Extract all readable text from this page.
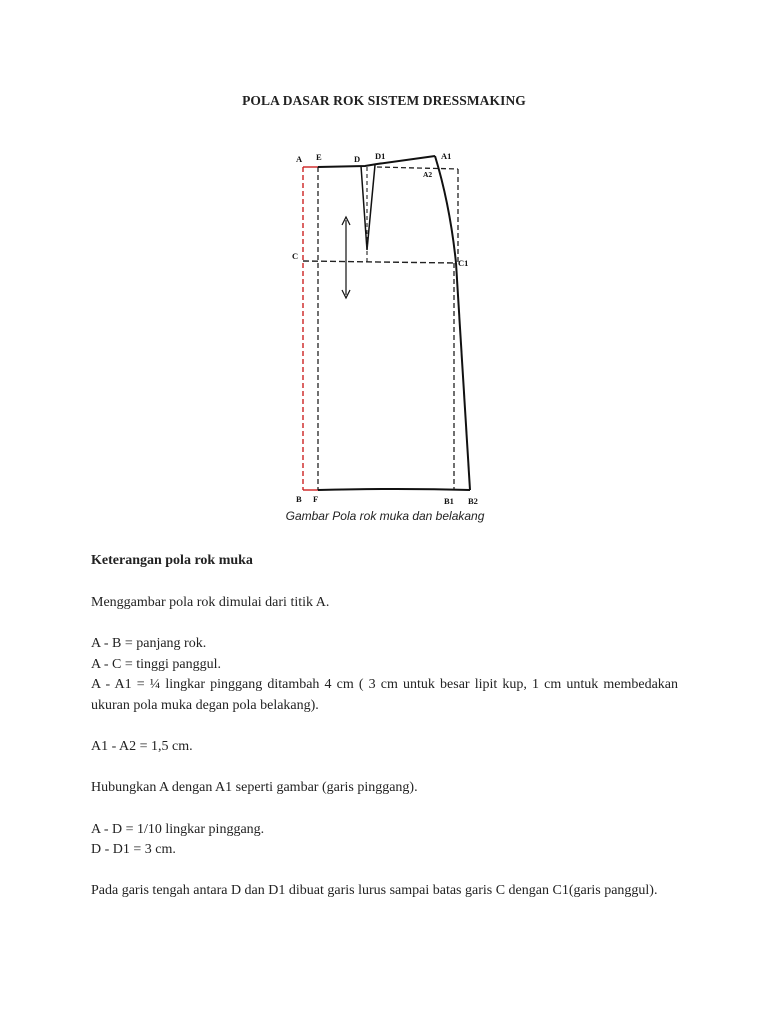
POLA DASAR ROK SISTEM DRESSMAKING
A E	D D1	A1
A2
C
C1
B F	B1 B2
Gambar Pola rok muka dan belakang
Keterangan pola rok muka

Menggambar pola rok dimulai dari titik A.

A - B = panjang rok.

A - C = tinggi panggul.

A - A1 = ¼ lingkar pinggang ditambah 4 cm ( 3 cm untuk besar lipit kup, 1 cm untuk membedakan ukuran pola muka degan pola belakang).

A1 - A2 = 1,5 cm.

Hubungkan A dengan A1 seperti gambar (garis pinggang).

A - D = 1/10 lingkar pinggang.

D - D1 = 3 cm.

Pada garis tengah antara D dan D1 dibuat garis lurus sampai batas garis C dengan C1(garis panggul).
